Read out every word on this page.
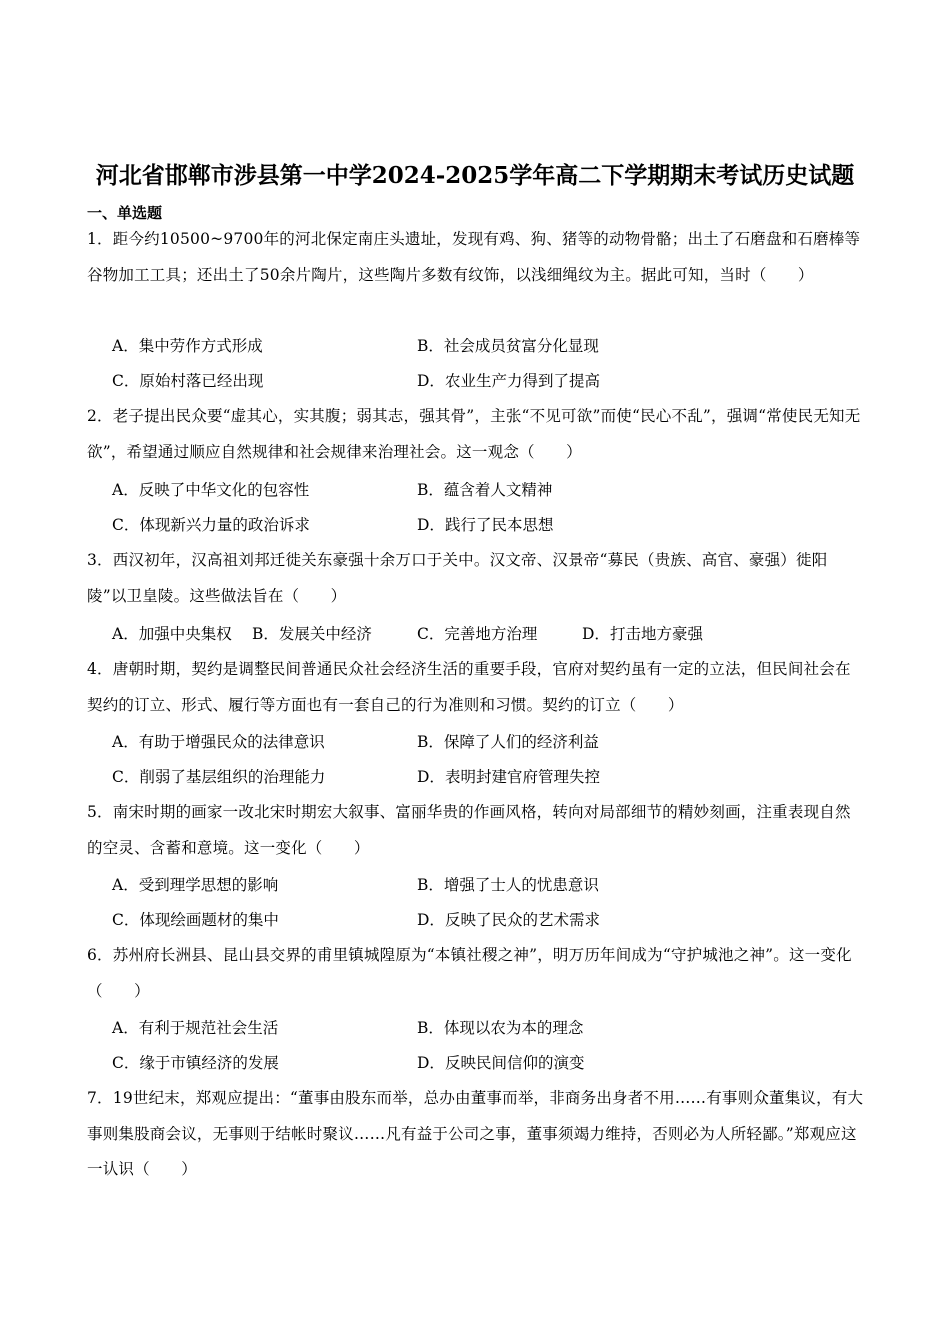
河北省邯郸市涉县第一中学2024-2025学年高二下学期期末考试历史试题
一、单选题
1．距今约10500~9700年的河北保定南庄头遗址，发现有鸡、狗、猪等的动物骨骼；出土了石磨盘和石磨棒等谷物加工工具；还出土了50余片陶片，这些陶片多数有纹饰，以浅细绳纹为主。据此可知，当时（　　）
A．集中劳作方式形成	B．社会成员贫富分化显现
C．原始村落已经出现	D．农业生产力得到了提高
2．老子提出民众要“虚其心，实其腹；弱其志，强其骨”，主张“不见可欲”而使“民心不乱”，强调“常使民无知无欲”，希望通过顺应自然规律和社会规律来治理社会。这一观念（　　）
A．反映了中华文化的包容性	B．蕴含着人文精神
C．体现新兴力量的政治诉求	D．践行了民本思想
3．西汉初年，汉高祖刘邦迁徙关东豪强十余万口于关中。汉文帝、汉景帝“募民（贵族、高官、豪强）徙阳陵”以卫皇陵。这些做法旨在（　　）
A．加强中央集权 B．发展关中经济	C．完善地方治理	D．打击地方豪强
4．唐朝时期，契约是调整民间普通民众社会经济生活的重要手段，官府对契约虽有一定的立法，但民间社会在契约的订立、形式、履行等方面也有一套自己的行为准则和习惯。契约的订立（　　）
A．有助于增强民众的法律意识	B．保障了人们的经济利益
C．削弱了基层组织的治理能力	D．表明封建官府管理失控
5．南宋时期的画家一改北宋时期宏大叙事、富丽华贵的作画风格，转向对局部细节的精妙刻画，注重表现自然的空灵、含蓄和意境。这一变化（　　）
A．受到理学思想的影响	B．增强了士人的忧患意识
C．体现绘画题材的集中	D．反映了民众的艺术需求
6．苏州府长洲县、昆山县交界的甫里镇城隍原为“本镇社稷之神”，明万历年间成为“守护城池之神”。这一变化（　　）
A．有利于规范社会生活	B．体现以农为本的理念
C．缘于市镇经济的发展	D．反映民间信仰的演变
7．19世纪末，郑观应提出：“董事由股东而举，总办由董事而举，非商务出身者不用……有事则众董集议，有大事则集股商会议，无事则于结帐时聚议……凡有益于公司之事，董事须竭力维持，否则必为人所轻鄙。”郑观应这一认识（　　）
